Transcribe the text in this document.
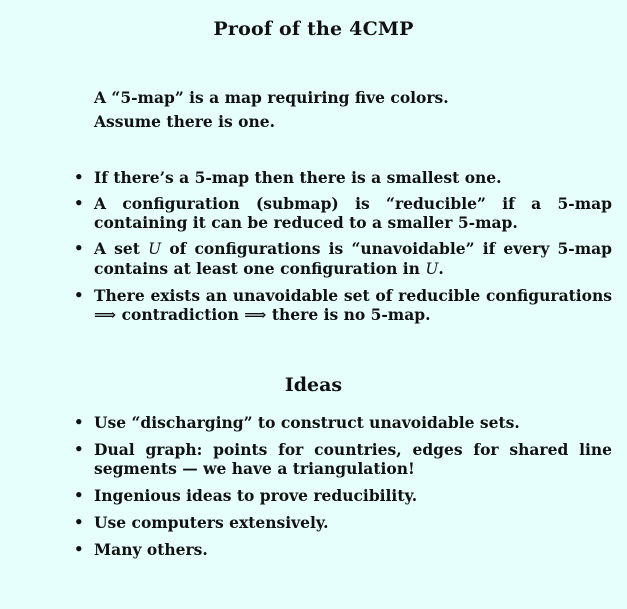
Proof of the 4CMP
A “5-map” is a map requiring five colors.
Assume there is one.
• If there’s a 5-map then there is a smallest one.
• A configuration (submap) is “reducible” if a 5-map containing it can be reduced to a smaller 5-map.
• A set U of configurations is “unavoidable” if every 5-map contains at least one configuration in U.
• There exists an unavoidable set of reducible configurations ⟹ contradiction ⟹ there is no 5-map.
Ideas
• Use “discharging” to construct unavoidable sets.
• Dual graph: points for countries, edges for shared line segments — we have a triangulation!
• Ingenious ideas to prove reducibility.
• Use computers extensively.
• Many others.
